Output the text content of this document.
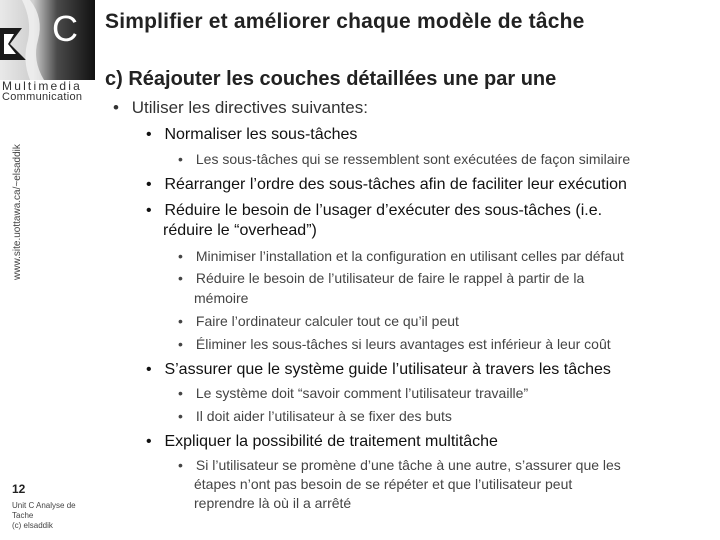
C
Multimedia
Communication
www.site.uottawa.ca/~elsaddik
Simplifier et améliorer chaque modèle de tâche
c) Réajouter les couches détaillées une par une
• Utiliser les directives suivantes:
• Normaliser les sous-tâches
• Les sous-tâches qui se ressemblent sont exécutées de façon similaire
• Réarranger l’ordre des sous-tâches afin de faciliter leur exécution
• Réduire le besoin de l’usager d’exécuter des sous-tâches (i.e.
réduire le “overhead”)
• Minimiser l’installation et la configuration en utilisant celles par défaut
• Réduire le besoin de l’utilisateur de faire le rappel à partir de la
mémoire
• Faire l’ordinateur calculer tout ce qu’il peut
• Éliminer les sous-tâches si leurs avantages est inférieur à leur coût
• S’assurer que le système guide l’utilisateur à travers les tâches
• Le système doit “savoir comment l’utilisateur travaille”
• Il doit aider l’utilisateur à se fixer des buts
• Expliquer la possibilité de traitement multitâche
• Si l’utilisateur se promène d’une tâche à une autre, s’assurer que les
étapes n’ont pas besoin de se répéter et que l’utilisateur peut
reprendre là où il a arrêté
12
Unit C Analyse de
Tache
(c) elsaddik
